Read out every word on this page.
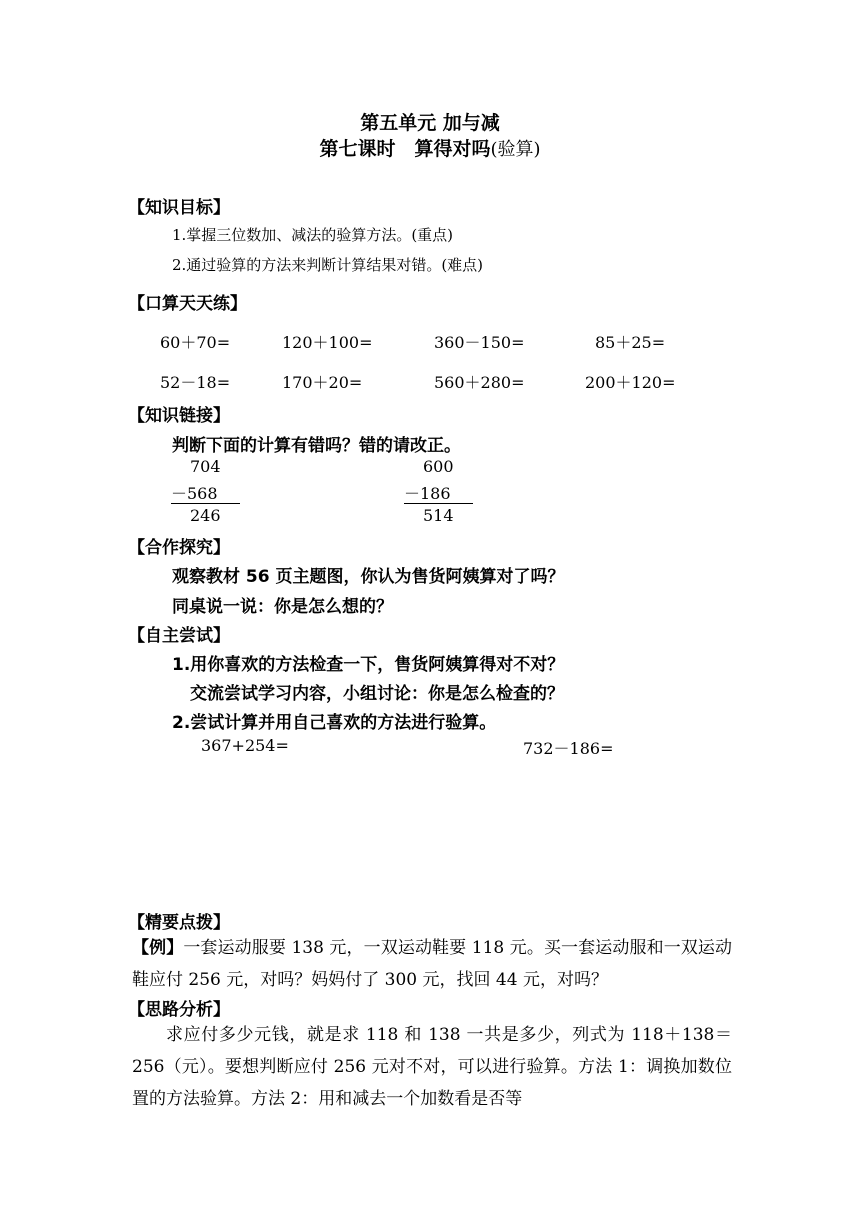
第五单元 加与减
第七课时　算得对吗(验算)
【知识目标】
1.掌握三位数加、减法的验算方法。(重点)
2.通过验算的方法来判断计算结果对错。(难点)
【口算天天练】
60＋70=	120＋100=	360－150=	85＋25=
52－18=	170＋20=	560＋280=	200＋120=
【知识链接】
判断下面的计算有错吗？错的请改正。
704
－568
246
600
－186
514
【合作探究】
观察教材 56 页主题图，你认为售货阿姨算对了吗？
同桌说一说：你是怎么想的？
【自主尝试】
1.用你喜欢的方法检查一下，售货阿姨算得对不对？
交流尝试学习内容，小组讨论：你是怎么检查的？
2.尝试计算并用自己喜欢的方法进行验算。
367+254=	732－186=
【精要点拨】
【例】一套运动服要 138 元，一双运动鞋要 118 元。买一套运动服和一双运动鞋应付 256 元，对吗？妈妈付了 300 元，找回 44 元，对吗？
【思路分析】
求应付多少元钱，就是求 118 和 138 一共是多少，列式为 118＋138＝256（元）。要想判断应付 256 元对不对，可以进行验算。方法 1：调换加数位置的方法验算。方法 2：用和减去一个加数看是否等
